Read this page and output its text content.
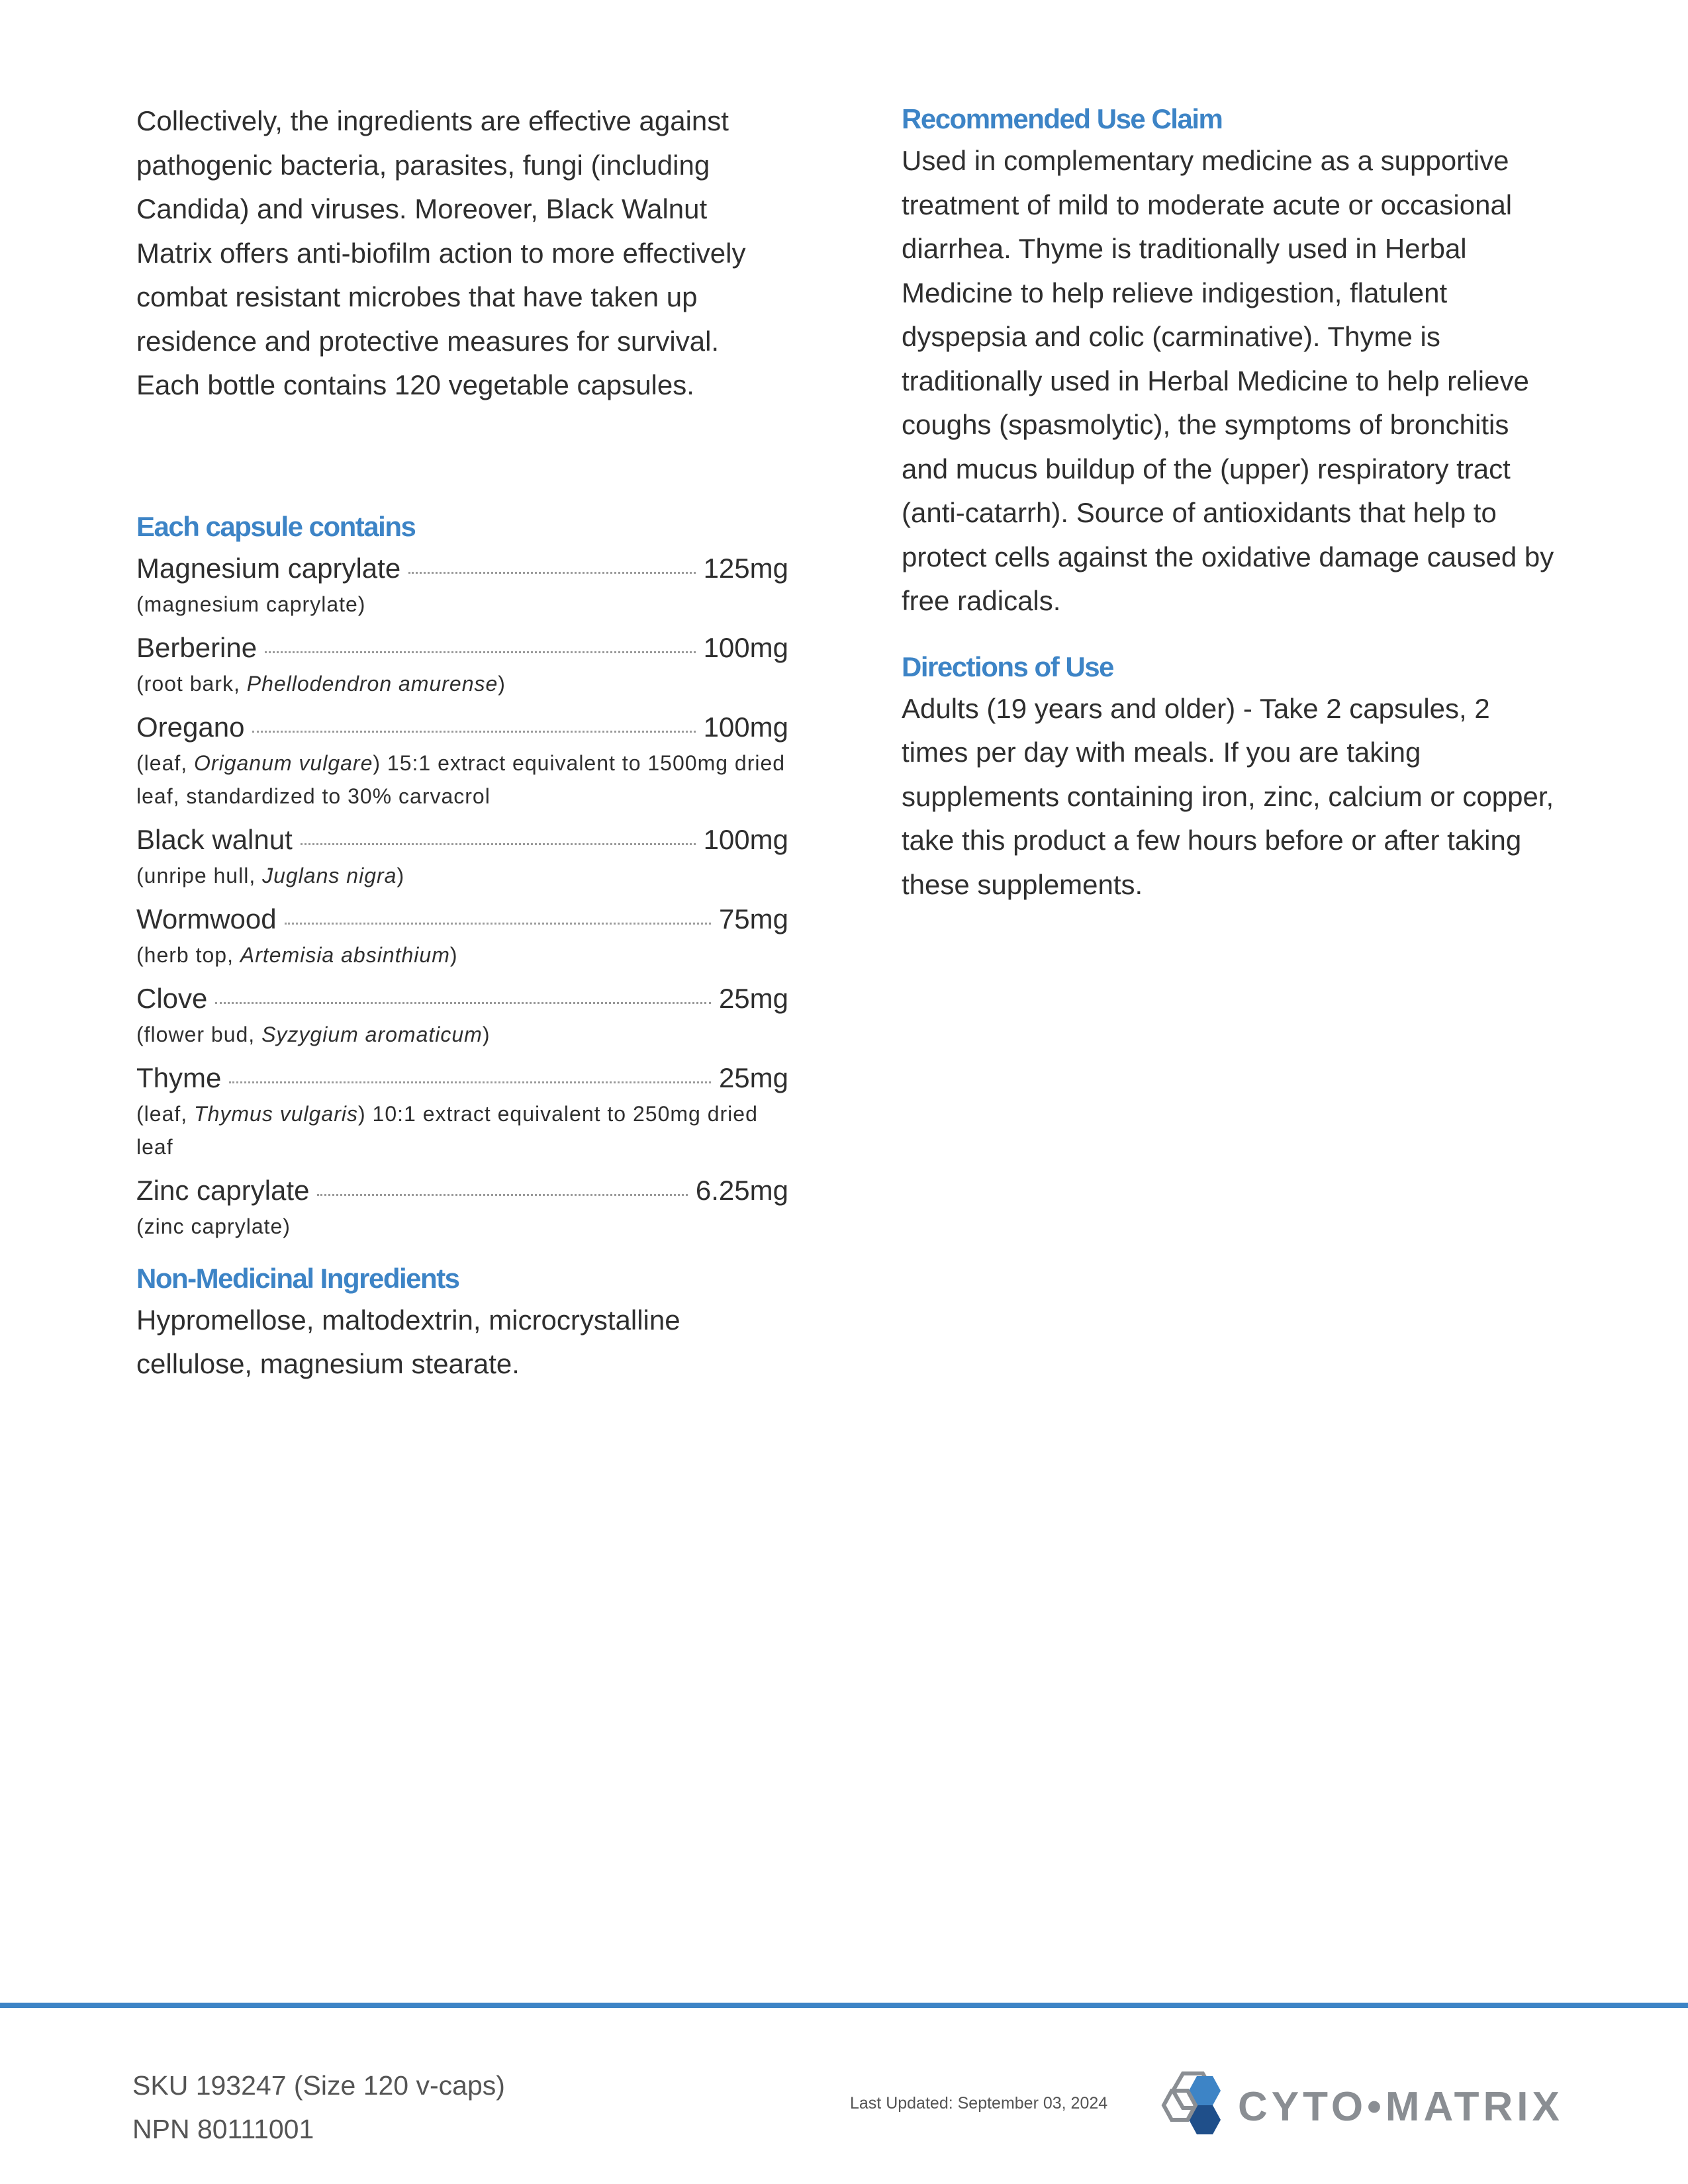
Collectively, the ingredients are effective against pathogenic bacteria, parasites, fungi (including Candida) and viruses. Moreover, Black Walnut Matrix offers anti-biofilm action to more effectively combat resistant microbes that have taken up residence and protective measures for survival. Each bottle contains 120 vegetable capsules.

Each capsule contains
Magnesium caprylate	125mg
(magnesium caprylate)
Berberine	100mg
(root bark, Phellodendron amurense)
Oregano	100mg
(leaf, Origanum vulgare) 15:1 extract equivalent to 1500mg dried leaf, standardized to 30% carvacrol
Black walnut	100mg
(unripe hull, Juglans nigra)
Wormwood	75mg
(herb top, Artemisia absinthium)
Clove	25mg
(flower bud, Syzygium aromaticum)
Thyme	25mg
(leaf, Thymus vulgaris) 10:1 extract equivalent to 250mg dried leaf
Zinc caprylate	6.25mg
(zinc caprylate)
Non-Medicinal Ingredients

Hypromellose, maltodextrin, microcrystalline cellulose, magnesium stearate.

Recommended Use Claim

Used in complementary medicine as a supportive treatment of mild to moderate acute or occasional diarrhea. Thyme is traditionally used in Herbal Medicine to help relieve indigestion, flatulent dyspepsia and colic (carminative). Thyme is traditionally used in Herbal Medicine to help relieve coughs (spasmolytic), the symptoms of bronchitis and mucus buildup of the (upper) respiratory tract (anti-catarrh). Source of antioxidants that help to protect cells against the oxidative damage caused by free radicals.

Directions of Use

Adults (19 years and older) - Take 2 capsules, 2 times per day with meals. If you are taking supplements containing iron, zinc, calcium or copper, take this product a few hours before or after taking these supplements.

SKU 193247 (Size 120 v-caps)
NPN 80111001
Last Updated: September 03, 2024	CYTO•MATRIX
